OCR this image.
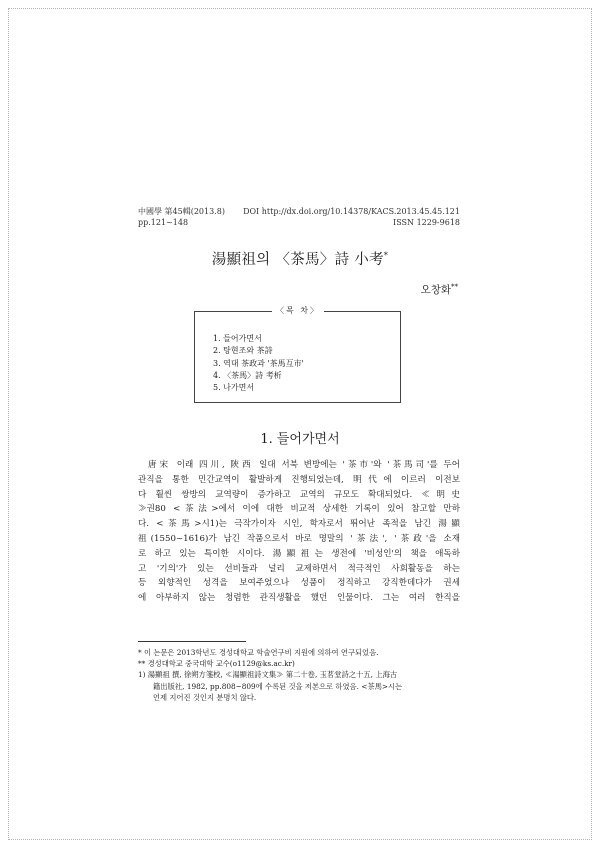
中國學 第45輯(2013.8)
pp.121~148
DOI http://dx.doi.org/10.14378/KACS.2013.45.45.121
ISSN 1229-9618
湯顯祖의 〈茶馬〉詩 小考*
오창화**
〈목 차〉
1. 들어가면서
2. 탕현조와 茶詩
3. 역대 茶政과 '茶馬互市'
4. 〈茶馬〉詩 考析
5. 나가면서
1. 들어가면서
唐宋 이래 四川, 陝西 일대 서북 변방에는 '茶市'와 '茶馬司'를 두어
관직을 통한 민간교역이 활발하게 진행되었는데, 明代에 이르러 이전보
다 훨씬 쌍방의 교역량이 증가하고 교역의 규모도 확대되었다. ≪明史
≫권80 <茶法>에서 이에 대한 비교적 상세한 기록이 있어 참고할 만하
다. <茶馬>시1)는 극작가이자 시인, 학자로서 뛰어난 족적을 남긴 湯顯
祖(1550~1616)가 남긴 작품으로서 바로 명말의 '茶法', '茶政'을 소재
로 하고 있는 특이한 시이다. 湯顯祖는 생전에 '비성인'의 책을 애독하
고 '기의'가 있는 선비들과 널리 교제하면서 적극적인 사회활동을 하는
등 외향적인 성격을 보여주었으나 성품이 정직하고 강직한데다가 권세
에 아부하지 않는 청렴한 관직생활을 했던 인물이다. 그는 여러 한직을
* 이 논문은 2013학년도 경성대학교 학술연구비 지원에 의하여 연구되었음.
** 경성대학교 중국대학 교수(o1129@ks.ac.kr)
1) 湯顯祖 撰, 徐朔方箋校, ≪湯顯祖詩文集≫ 第二十卷, 玉茗堂詩之十五, 上海古
籍出版社, 1982, pp.808~809에 수록된 것을 저본으로 하였음. <茶馬>시는
언제 지어진 것인지 분명치 않다.
